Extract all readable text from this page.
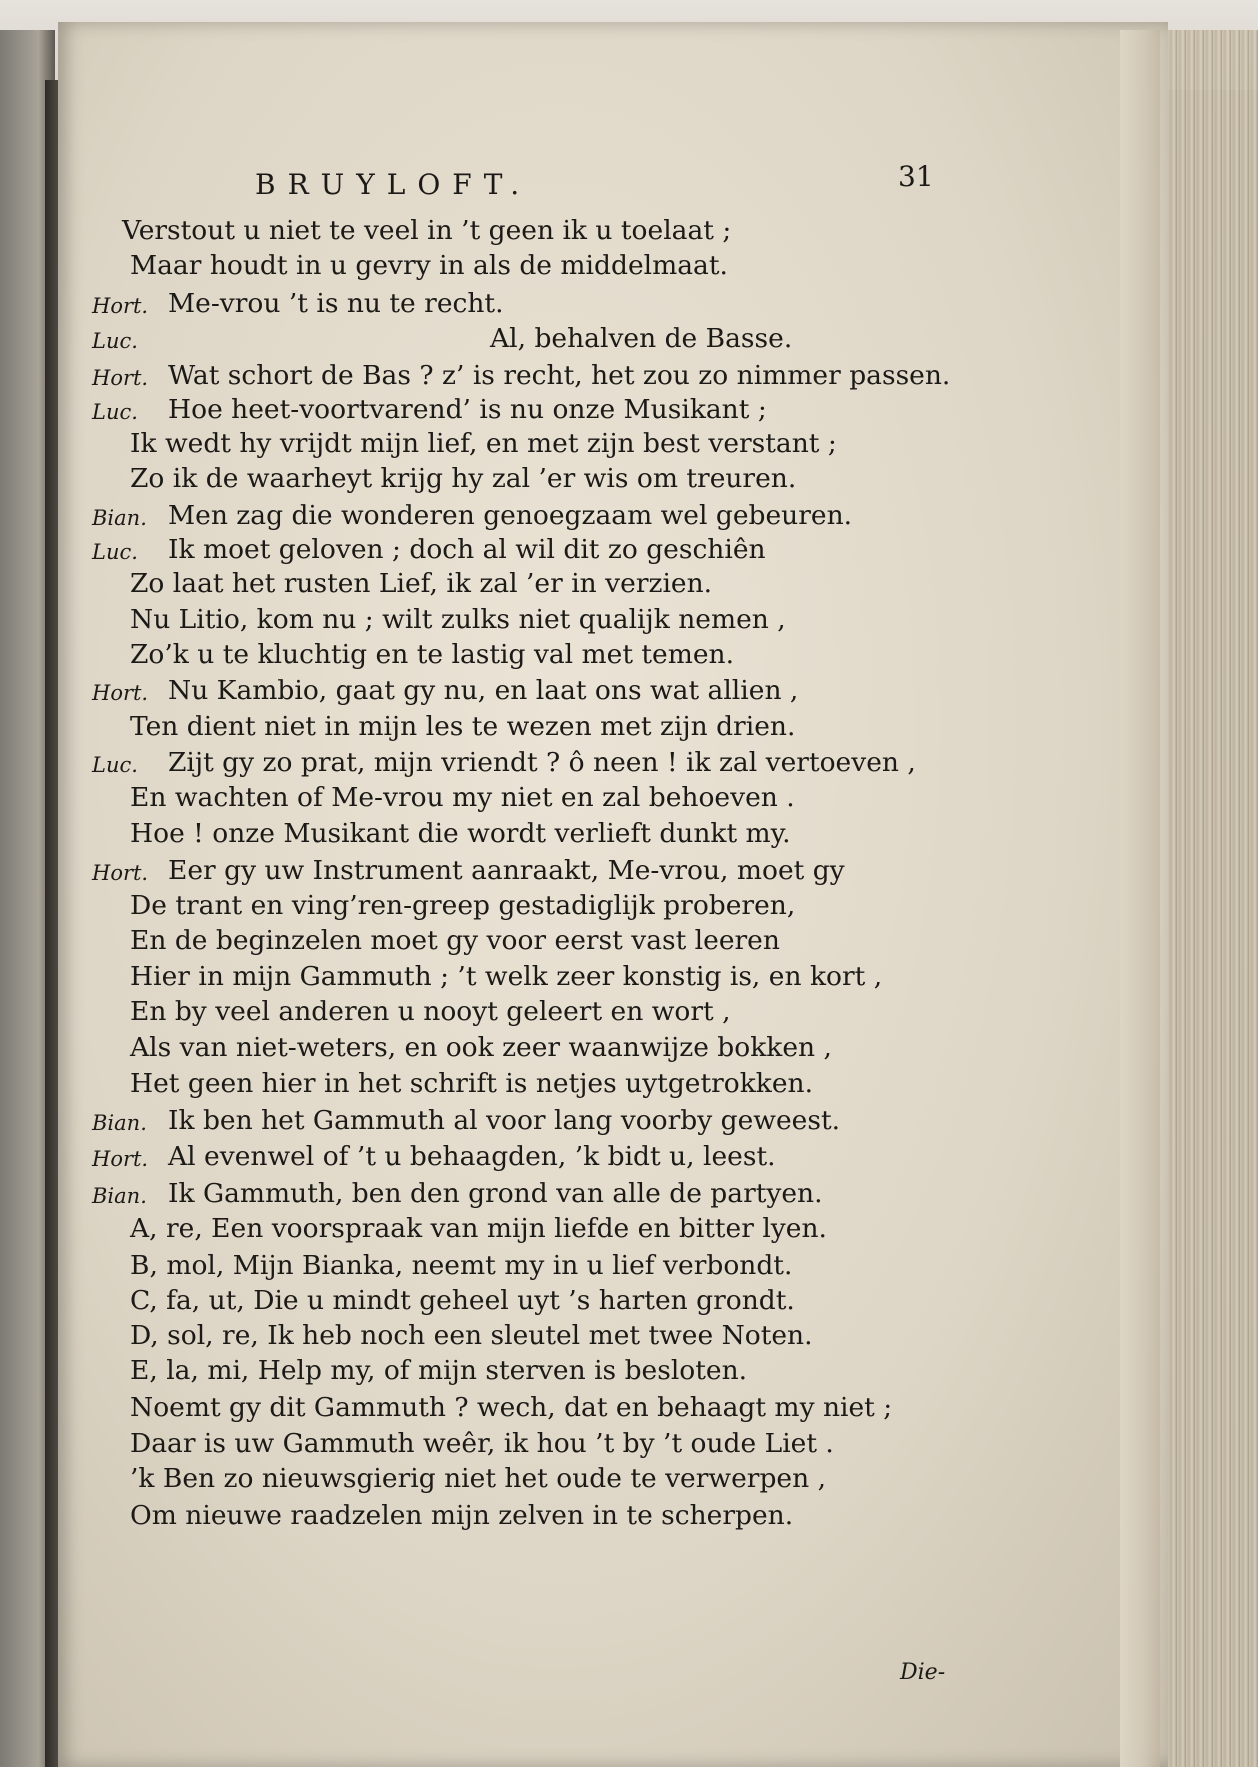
BRUYLOFT.	31
Verstout u niet te veel in ’t geen ik u toelaat ;
Maar houdt in u gevry in als de middelmaat.
Hort. Me-vrou ’t is nu te recht.
Luc.	Al, behalven de Basse.
Hort. Wat schort de Bas ? z’ is recht, het zou zo nimmer passen.
Luc. Hoe heet-voortvarend’ is nu onze Musikant ;
Ik wedt hy vrijdt mijn lief, en met zijn best verstant ;
Zo ik de waarheyt krijg hy zal ’er wis om treuren.
Bian. Men zag die wonderen genoegzaam wel gebeuren.
Luc. Ik moet geloven ; doch al wil dit zo geschiên
Zo laat het rusten Lief, ik zal ’er in verzien.
Nu Litio, kom nu ; wilt zulks niet qualijk nemen ,
Zo’k u te kluchtig en te lastig val met temen.
Hort. Nu Kambio, gaat gy nu, en laat ons wat allien ,
Ten dient niet in mijn les te wezen met zijn drien.
Luc. Zijt gy zo prat, mijn vriendt ? ô neen ! ik zal vertoeven ,
En wachten of Me-vrou my niet en zal behoeven .
Hoe ! onze Musikant die wordt verlieft dunkt my.
Hort. Eer gy uw Instrument aanraakt, Me-vrou, moet gy
De trant en ving’ren-greep gestadiglijk proberen,
En de beginzelen moet gy voor eerst vast leeren
Hier in mijn Gammuth ; ’t welk zeer konstig is, en kort ,
En by veel anderen u nooyt geleert en wort ,
Als van niet-weters, en ook zeer waanwijze bokken ,
Het geen hier in het schrift is netjes uytgetrokken.
Bian. Ik ben het Gammuth al voor lang voorby geweest.
Hort. Al evenwel of ’t u behaagden, ’k bidt u, leest.
Bian. Ik Gammuth, ben den grond van alle de partyen.
A, re, Een voorspraak van mijn liefde en bitter lyen.
B, mol, Mijn Bianka, neemt my in u lief verbondt.
C, fa, ut, Die u mindt geheel uyt ’s harten grondt.
D, sol, re, Ik heb noch een sleutel met twee Noten.
E, la, mi, Help my, of mijn sterven is besloten.
Noemt gy dit Gammuth ? wech, dat en behaagt my niet ;
Daar is uw Gammuth weêr, ik hou ’t by ’t oude Liet .
’k Ben zo nieuwsgierig niet het oude te verwerpen ,
Om nieuwe raadzelen mijn zelven in te scherpen.
Die-
